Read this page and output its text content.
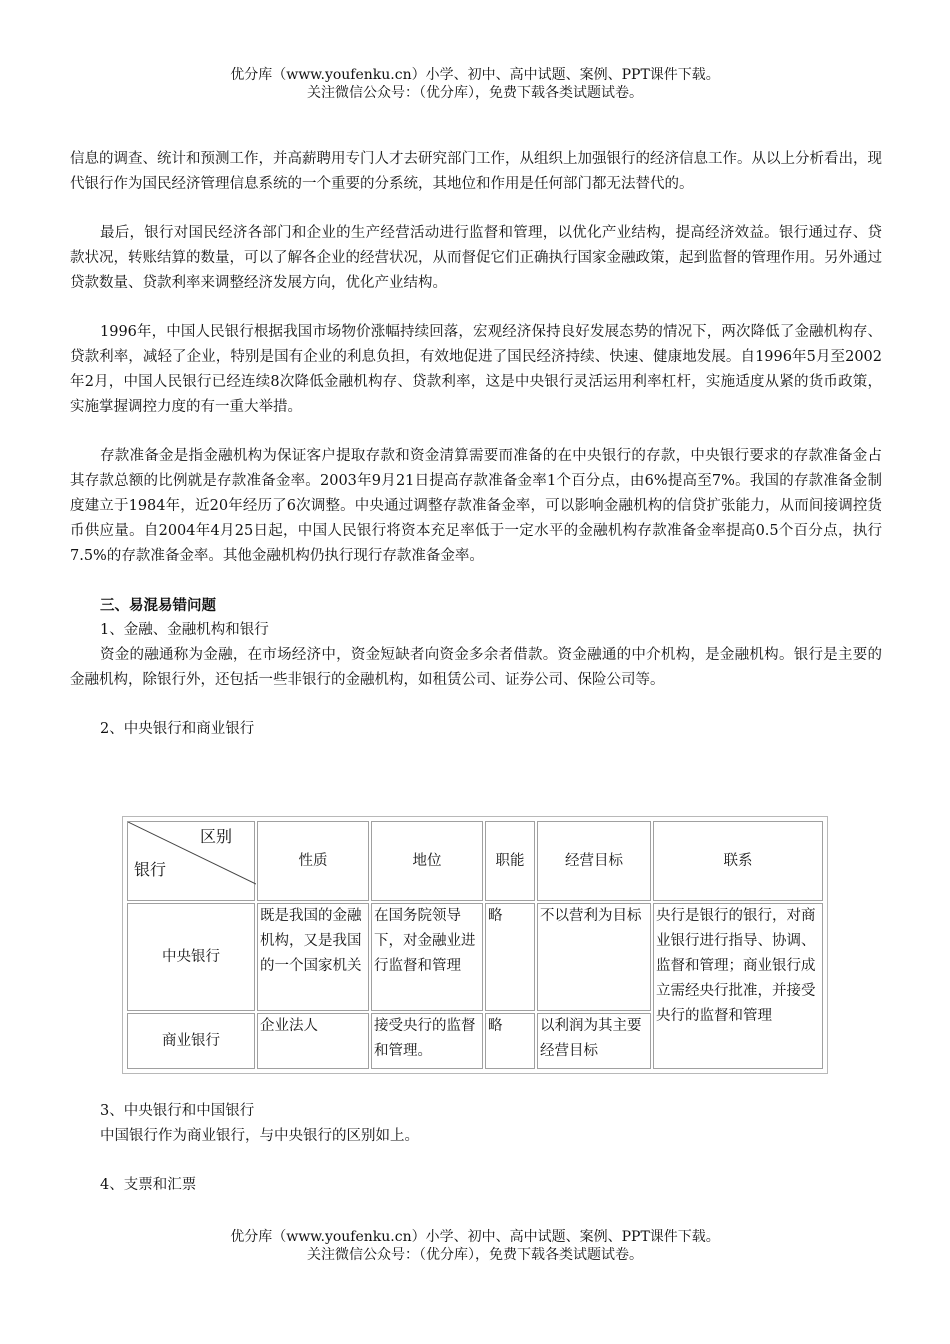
优分库（www.youfenku.cn）小学、初中、高中试题、案例、PPT课件下载。
关注微信公众号：（优分库），免费下载各类试题试卷。

信息的调查、统计和预测工作，并高薪聘用专门人才去研究部门工作，从组织上加强银行的经济信息工作。从以上分析看出，现代银行作为国民经济管理信息系统的一个重要的分系统，其地位和作用是任何部门都无法替代的。

最后，银行对国民经济各部门和企业的生产经营活动进行监督和管理，以优化产业结构，提高经济效益。银行通过存、贷款状况，转账结算的数量，可以了解各企业的经营状况，从而督促它们正确执行国家金融政策，起到监督的管理作用。另外通过贷款数量、贷款利率来调整经济发展方向，优化产业结构。

1996年，中国人民银行根据我国市场物价涨幅持续回落，宏观经济保持良好发展态势的情况下，两次降低了金融机构存、贷款利率，减轻了企业，特别是国有企业的利息负担，有效地促进了国民经济持续、快速、健康地发展。自1996年5月至2002年2月，中国人民银行已经连续8次降低金融机构存、贷款利率，这是中央银行灵活运用利率杠杆，实施适度从紧的货币政策，实施掌握调控力度的有一重大举措。

存款准备金是指金融机构为保证客户提取存款和资金清算需要而准备的在中央银行的存款，中央银行要求的存款准备金占其存款总额的比例就是存款准备金率。2003年9月21日提高存款准备金率1个百分点，由6%提高至7%。我国的存款准备金制度建立于1984年，近20年经历了6次调整。中央通过调整存款准备金率，可以影响金融机构的信贷扩张能力，从而间接调控货币供应量。自2004年4月25日起，中国人民银行将资本充足率低于一定水平的金融机构存款准备金率提高0.5个百分点，执行7.5%的存款准备金率。其他金融机构仍执行现行存款准备金率。

三、易混易错问题

1、金融、金融机构和银行

资金的融通称为金融，在市场经济中，资金短缺者向资金多余者借款。资金融通的中介机构，是金融机构。银行是主要的金融机构，除银行外，还包括一些非银行的金融机构，如租赁公司、证券公司、保险公司等。

2、中央银行和商业银行

区别
银行	性质	地位	职能	经营目标	联系
中央银行	既是我国的金融机构，又是我国的一个国家机关	在国务院领导下，对金融业进行监督和管理	略	不以营利为目标	央行是银行的银行，对商业银行进行指导、协调、监督和管理；商业银行成立需经央行批准，并接受央行的监督和管理
商业银行	企业法人	接受央行的监督和管理。	略	以利润为其主要经营目标	

3、中央银行和中国银行

中国银行作为商业银行，与中央银行的区别如上。

4、支票和汇票

优分库（www.youfenku.cn）小学、初中、高中试题、案例、PPT课件下载。
关注微信公众号：（优分库），免费下载各类试题试卷。
